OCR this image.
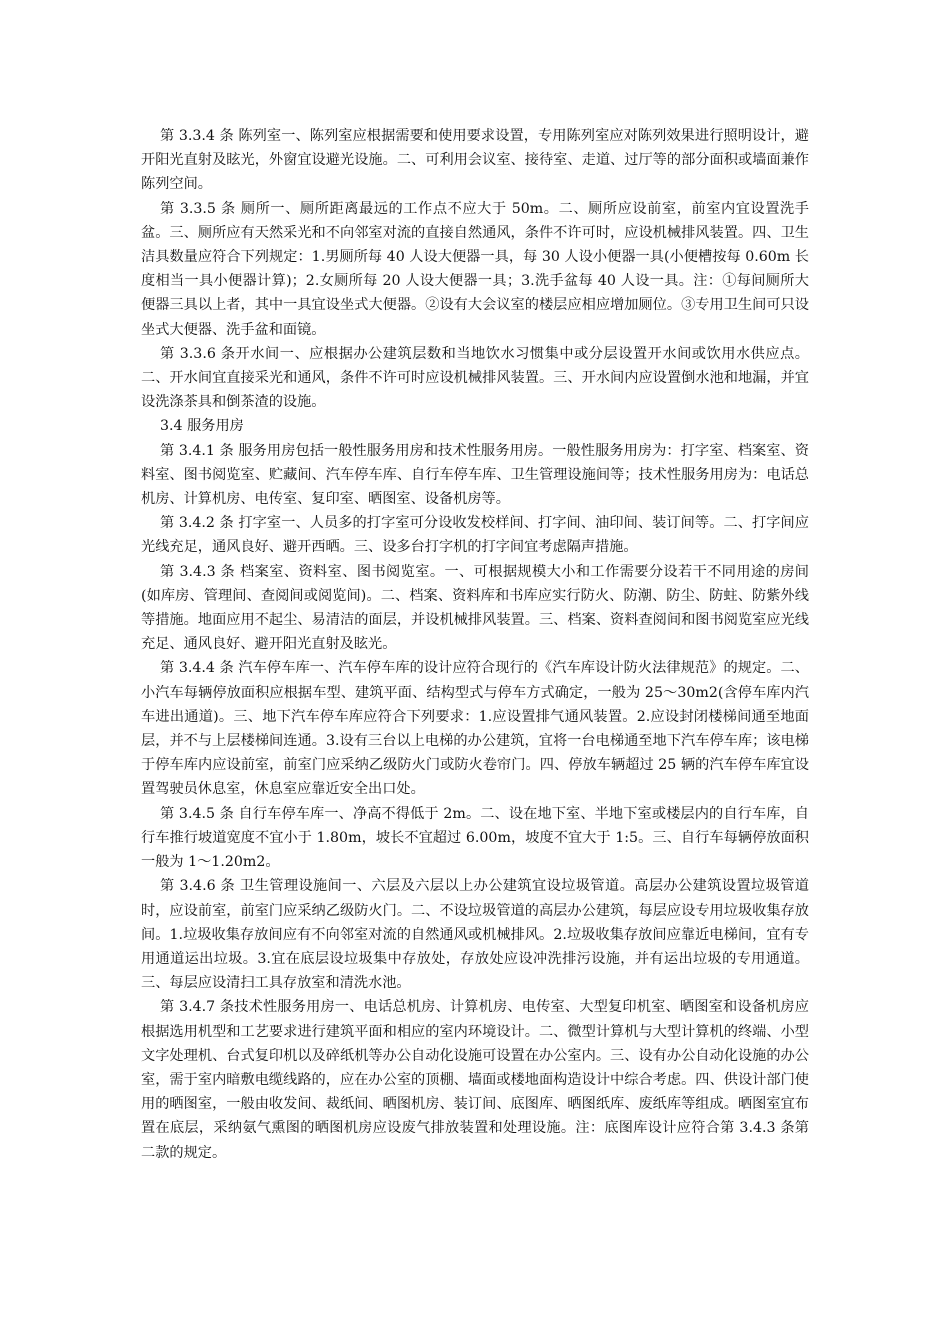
第 3.3.4 条 陈列室一、陈列室应根据需要和使用要求设置，专用陈列室应对陈列效果进行照明设计，避开阳光直射及眩光，外窗宜设避光设施。二、可利用会议室、接待室、走道、过厅等的部分面积或墙面兼作陈列空间。

第 3.3.5 条 厕所一、厕所距离最远的工作点不应大于 50m。二、厕所应设前室，前室内宜设置洗手盆。三、厕所应有天然采光和不向邻室对流的直接自然通风，条件不许可时，应设机械排风装置。四、卫生洁具数量应符合下列规定：1.男厕所每 40 人设大便器一具，每 30 人设小便器一具(小便槽按每 0.60m 长度相当一具小便器计算)；2.女厕所每 20 人设大便器一具；3.洗手盆每 40 人设一具。注：①每间厕所大便器三具以上者，其中一具宜设坐式大便器。②设有大会议室的楼层应相应增加厕位。③专用卫生间可只设坐式大便器、洗手盆和面镜。

第 3.3.6 条开水间一、应根据办公建筑层数和当地饮水习惯集中或分层设置开水间或饮用水供应点。二、开水间宜直接采光和通风，条件不许可时应设机械排风装置。三、开水间内应设置倒水池和地漏，并宜设洗涤茶具和倒茶渣的设施。

3.4 服务用房

第 3.4.1 条 服务用房包括一般性服务用房和技术性服务用房。一般性服务用房为：打字室、档案室、资料室、图书阅览室、贮藏间、汽车停车库、自行车停车库、卫生管理设施间等；技术性服务用房为：电话总机房、计算机房、电传室、复印室、晒图室、设备机房等。

第 3.4.2 条 打字室一、人员多的打字室可分设收发校样间、打字间、油印间、装订间等。二、打字间应光线充足，通风良好、避开西晒。三、设多台打字机的打字间宜考虑隔声措施。

第 3.4.3 条 档案室、资料室、图书阅览室。一、可根据规模大小和工作需要分设若干不同用途的房间(如库房、管理间、查阅间或阅览间)。二、档案、资料库和书库应实行防火、防潮、防尘、防蛀、防紫外线等措施。地面应用不起尘、易清洁的面层，并设机械排风装置。三、档案、资料查阅间和图书阅览室应光线充足、通风良好、避开阳光直射及眩光。

第 3.4.4 条 汽车停车库一、汽车停车库的设计应符合现行的《汽车库设计防火法律规范》的规定。二、小汽车每辆停放面积应根据车型、建筑平面、结构型式与停车方式确定，一般为 25～30m2(含停车库内汽车进出通道)。三、地下汽车停车库应符合下列要求：1.应设置排气通风装置。2.应设封闭楼梯间通至地面层，并不与上层楼梯间连通。3.设有三台以上电梯的办公建筑，宜将一台电梯通至地下汽车停车库；该电梯于停车库内应设前室，前室门应采纳乙级防火门或防火卷帘门。四、停放车辆超过 25 辆的汽车停车库宜设置驾驶员休息室，休息室应靠近安全出口处。

第 3.4.5 条 自行车停车库一、净高不得低于 2m。二、设在地下室、半地下室或楼层内的自行车库，自行车推行坡道宽度不宜小于 1.80m，坡长不宜超过 6.00m，坡度不宜大于 1:5。三、自行车每辆停放面积一般为 1～1.20m2。

第 3.4.6 条 卫生管理设施间一、六层及六层以上办公建筑宜设垃圾管道。高层办公建筑设置垃圾管道时，应设前室，前室门应采纳乙级防火门。二、不设垃圾管道的高层办公建筑，每层应设专用垃圾收集存放间。1.垃圾收集存放间应有不向邻室对流的自然通风或机械排风。2.垃圾收集存放间应靠近电梯间，宜有专用通道运出垃圾。3.宜在底层设垃圾集中存放处，存放处应设冲洗排污设施，并有运出垃圾的专用通道。三、每层应设清扫工具存放室和清洗水池。

第 3.4.7 条技术性服务用房一、电话总机房、计算机房、电传室、大型复印机室、晒图室和设备机房应根据选用机型和工艺要求进行建筑平面和相应的室内环境设计。二、微型计算机与大型计算机的终端、小型文字处理机、台式复印机以及碎纸机等办公自动化设施可设置在办公室内。三、设有办公自动化设施的办公室，需于室内暗敷电缆线路的，应在办公室的顶棚、墙面或楼地面构造设计中综合考虑。四、供设计部门使用的晒图室，一般由收发间、裁纸间、晒图机房、装订间、底图库、晒图纸库、废纸库等组成。晒图室宜布置在底层，采纳氨气熏图的晒图机房应设废气排放装置和处理设施。注：底图库设计应符合第 3.4.3 条第二款的规定。
